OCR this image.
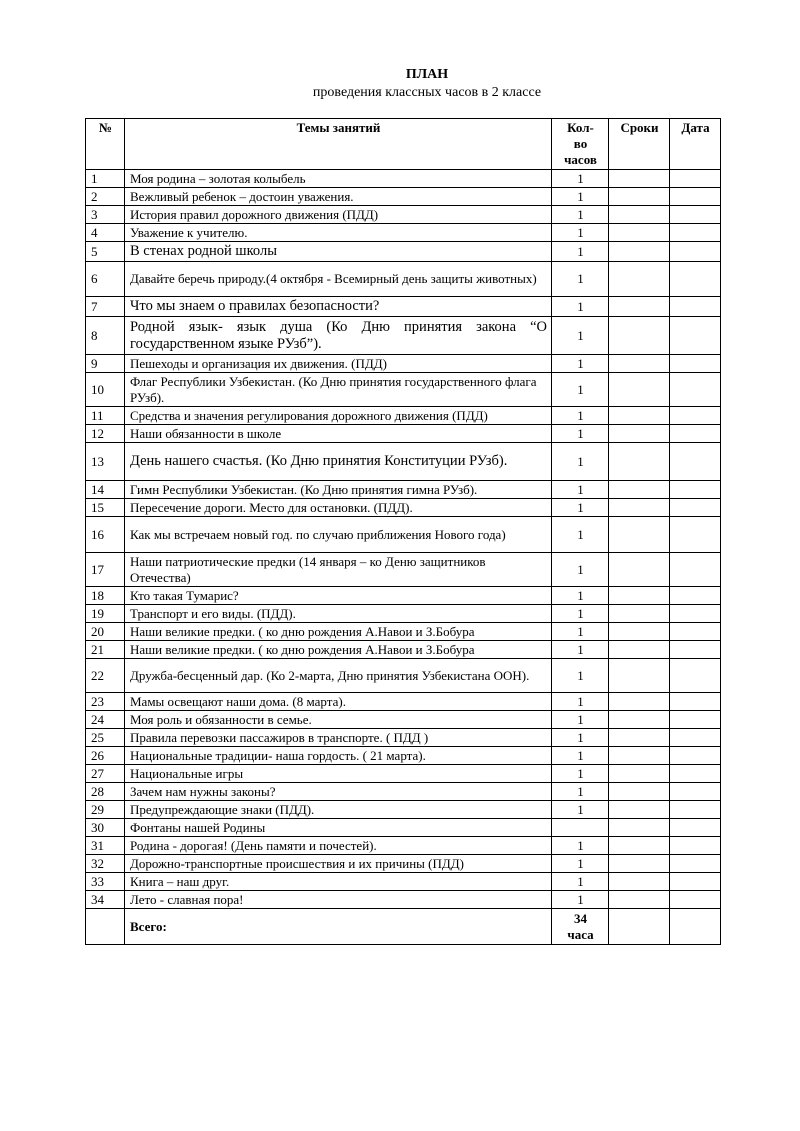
ПЛАН
проведения классных часов в 2 классе
№	Темы занятий	Кол-
во
часов	Сроки	Дата
1	Моя родина – золотая колыбель	1		
2	Вежливый ребенок – достоин уважения.	1		
3	История правил дорожного движения (ПДД)	1		
4	Уважение к учителю.	1		
5	В стенах родной школы	1		
6	Давайте беречь природу.(4 октября - Всемирный день защиты животных)	1		
7	Что мы знаем о правилах безопасности?	1		
8	Родной язык- язык душа (Ко Дню принятия закона “О государственном языке РУзб”).	1		
9	Пешеходы и организация их движения. (ПДД)	1		
10	Флаг Республики Узбекистан. (Ко Дню принятия государственного флага РУзб).	1		
11	Средства и значения регулирования дорожного движения (ПДД)	1		
12	Наши обязанности в школе	1		
13	День нашего счастья. (Ко Дню принятия Конституции РУзб).	1		
14	Гимн Республики Узбекистан. (Ко Дню принятия гимна РУзб).	1		
15	Пересечение дороги. Место для остановки. (ПДД).	1		
16	Как мы встречаем новый год. по случаю приближения Нового года)	1		
17	Наши патриотические предки (14 января – ко Деню защитников Отечества)	1		
18	Кто такая Тумарис?	1		
19	Транспорт и его виды. (ПДД).	1		
20	Наши великие предки. ( ко дню рождения А.Навои и З.Бобура	1		
21	Наши великие предки. ( ко дню рождения А.Навои и З.Бобура	1		
22	Дружба-бесценный дар. (Ко 2-марта, Дню принятия Узбекистана ООН).	1		
23	Мамы освещают наши дома. (8 марта).	1		
24	Моя роль и обязанности в семье.	1		
25	Правила перевозки пассажиров в транспорте. ( ПДД )	1		
26	Национальные традиции- наша гордость. ( 21 марта).	1		
27	Национальные игры	1		
28	Зачем нам нужны законы?	1		
29	Предупреждающие знаки (ПДД).	1		
30	Фонтаны нашей Родины			
31	Родина - дорогая! (День памяти и почестей).	1		
32	Дорожно-транспортные происшествия и их причины (ПДД)	1		
33	Книга – наш друг.	1		
34	Лето - славная пора!	1		
	Всего:	34
часа		
